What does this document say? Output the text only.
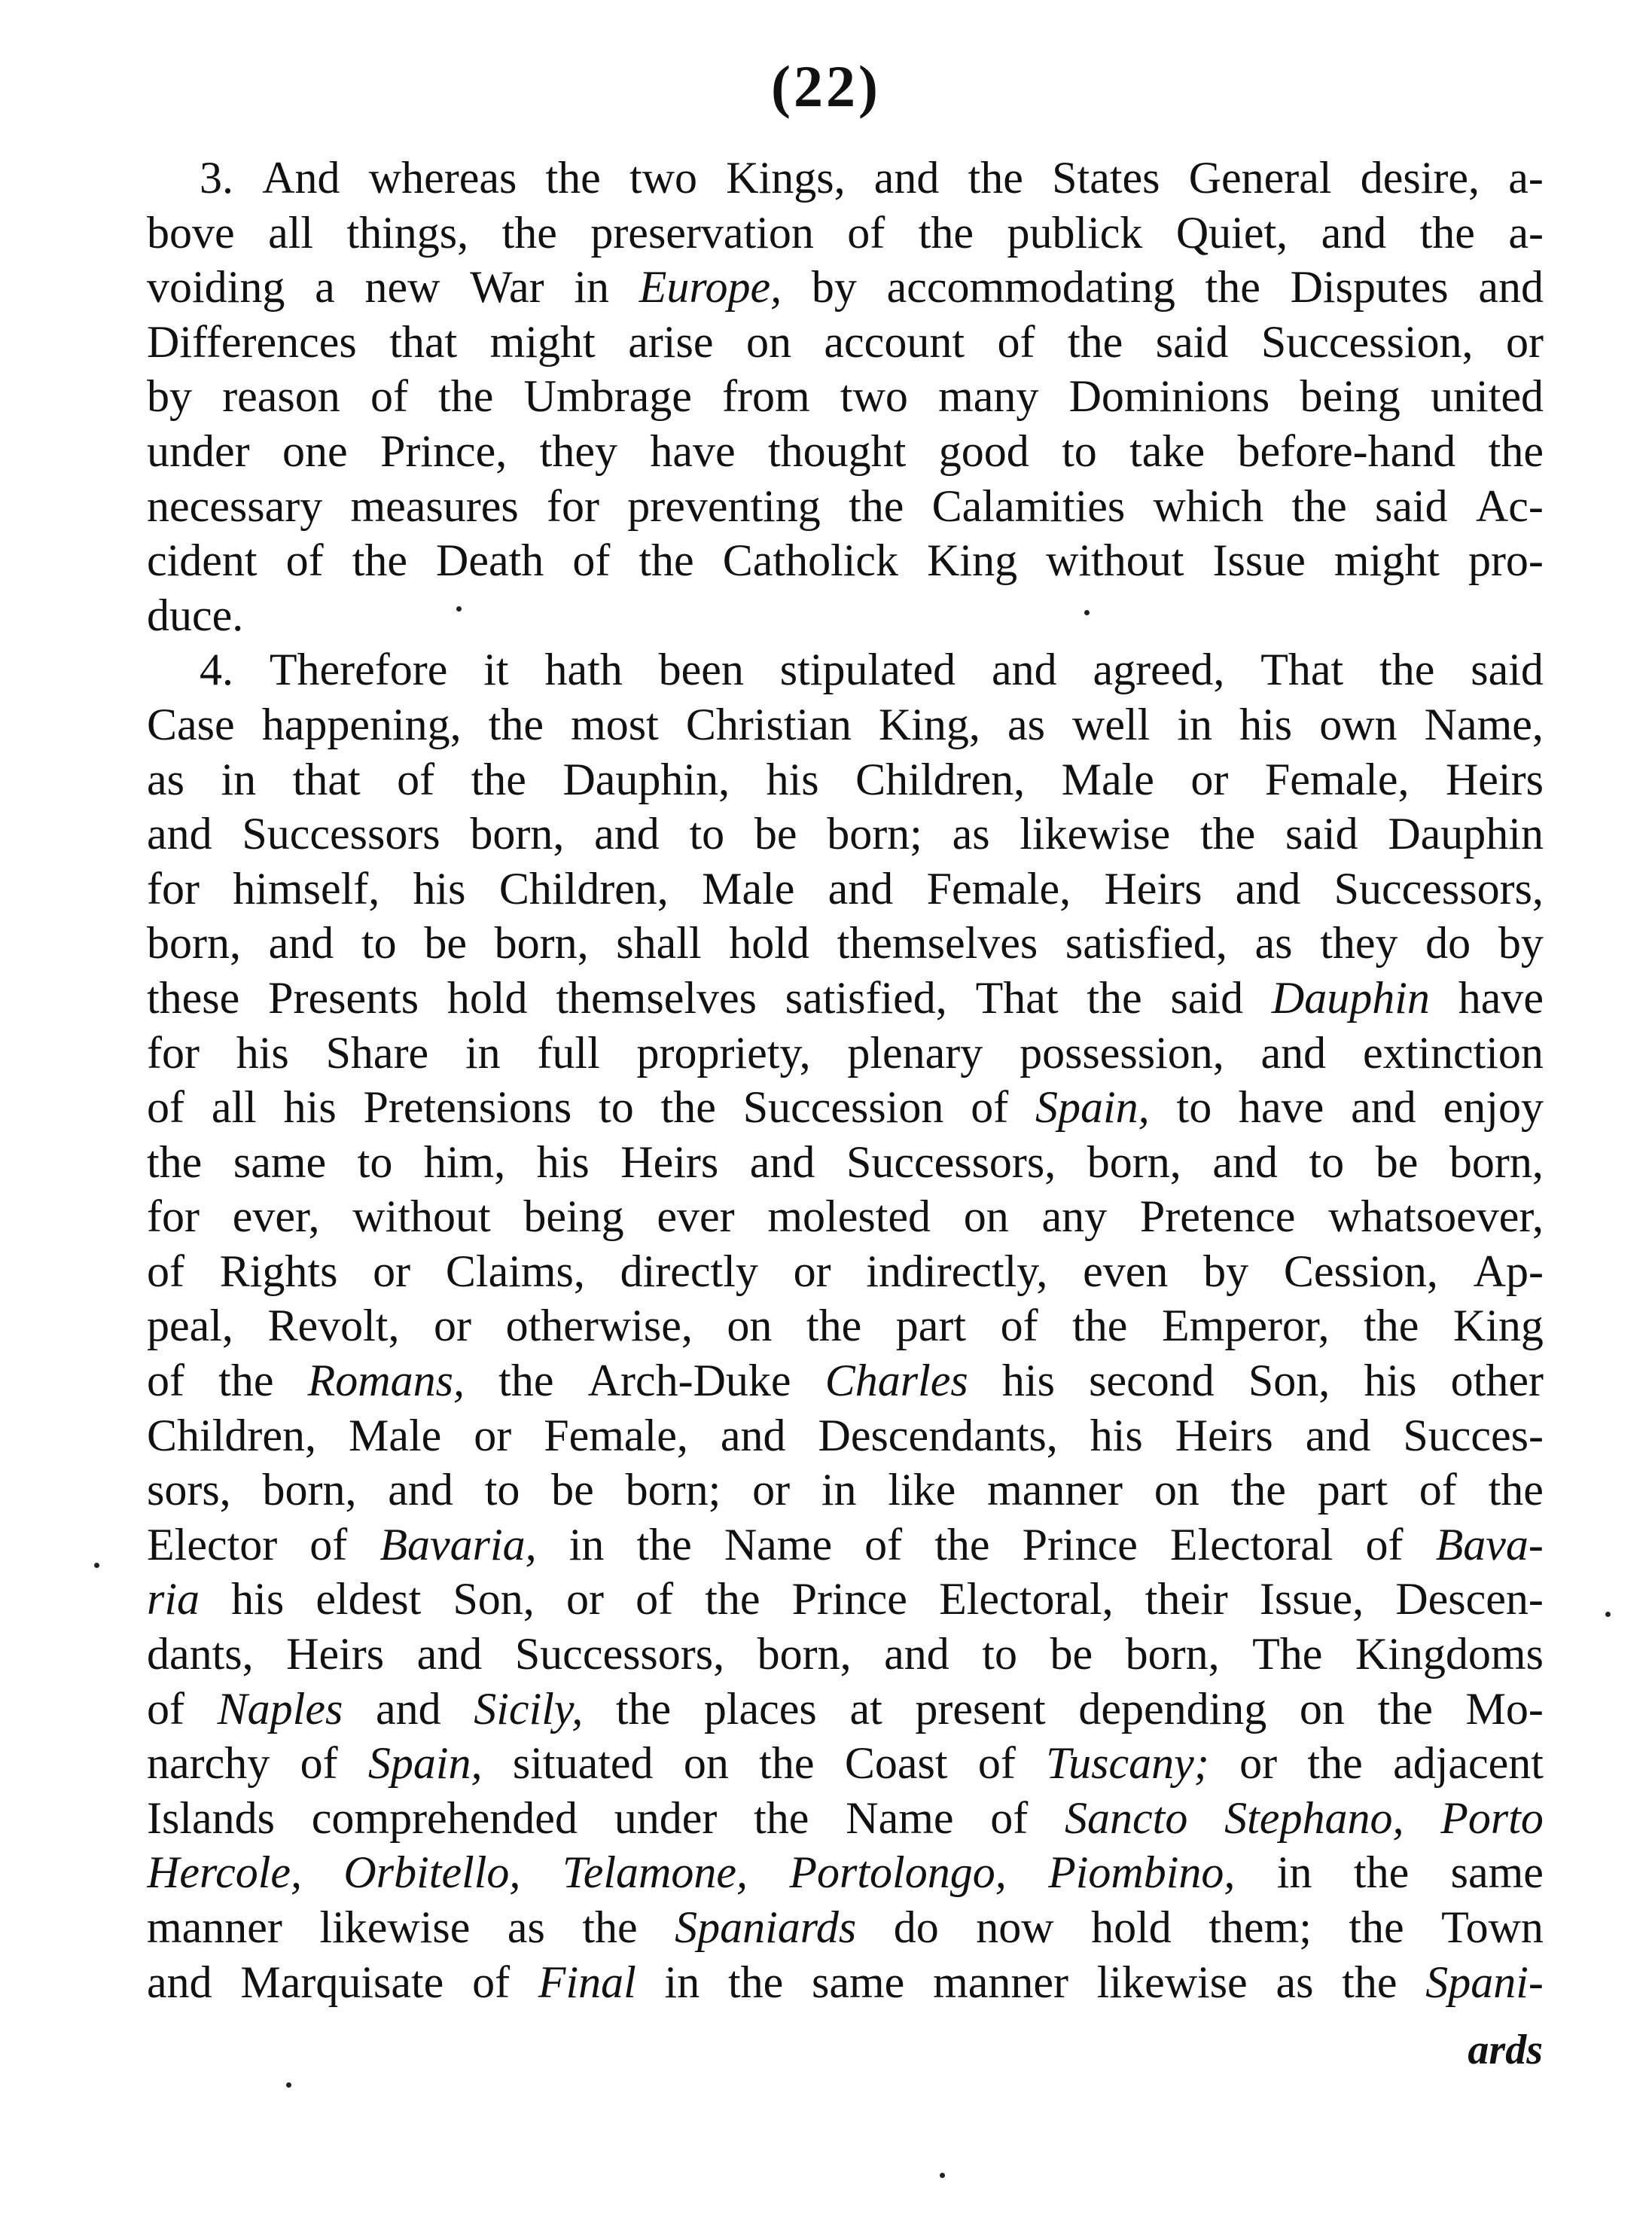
(22)
3. And whereas the two Kings, and the States General desire, a-
bove all things, the preservation of the publick Quiet, and the a-
voiding a new War in Europe, by accommodating the Disputes and
Differences that might arise on account of the said Succession, or
by reason of the Umbrage from two many Dominions being united
under one Prince, they have thought good to take before-hand the
necessary measures for preventing the Calamities which the said Ac-
cident of the Death of the Catholick King without Issue might pro-
duce.
4. Therefore it hath been stipulated and agreed, That the said
Case happening, the most Christian King, as well in his own Name,
as in that of the Dauphin, his Children, Male or Female, Heirs
and Successors born, and to be born; as likewise the said Dauphin
for himself, his Children, Male and Female, Heirs and Successors,
born, and to be born, shall hold themselves satisfied, as they do by
these Presents hold themselves satisfied, That the said Dauphin have
for his Share in full propriety, plenary possession, and extinction
of all his Pretensions to the Succession of Spain, to have and enjoy
the same to him, his Heirs and Successors, born, and to be born,
for ever, without being ever molested on any Pretence whatsoever,
of Rights or Claims, directly or indirectly, even by Cession, Ap-
peal, Revolt, or otherwise, on the part of the Emperor, the King
of the Romans, the Arch-Duke Charles his second Son, his other
Children, Male or Female, and Descendants, his Heirs and Succes-
sors, born, and to be born; or in like manner on the part of the
Elector of Bavaria, in the Name of the Prince Electoral of Bava-
ria his eldest Son, or of the Prince Electoral, their Issue, Descen-
dants, Heirs and Successors, born, and to be born, The Kingdoms
of Naples and Sicily, the places at present depending on the Mo-
narchy of Spain, situated on the Coast of Tuscany; or the adjacent
Islands comprehended under the Name of Sancto Stephano, Porto
Hercole, Orbitello, Telamone, Portolongo, Piombino, in the same
manner likewise as the Spaniards do now hold them; the Town
and Marquisate of Final in the same manner likewise as the Spani-
ards
